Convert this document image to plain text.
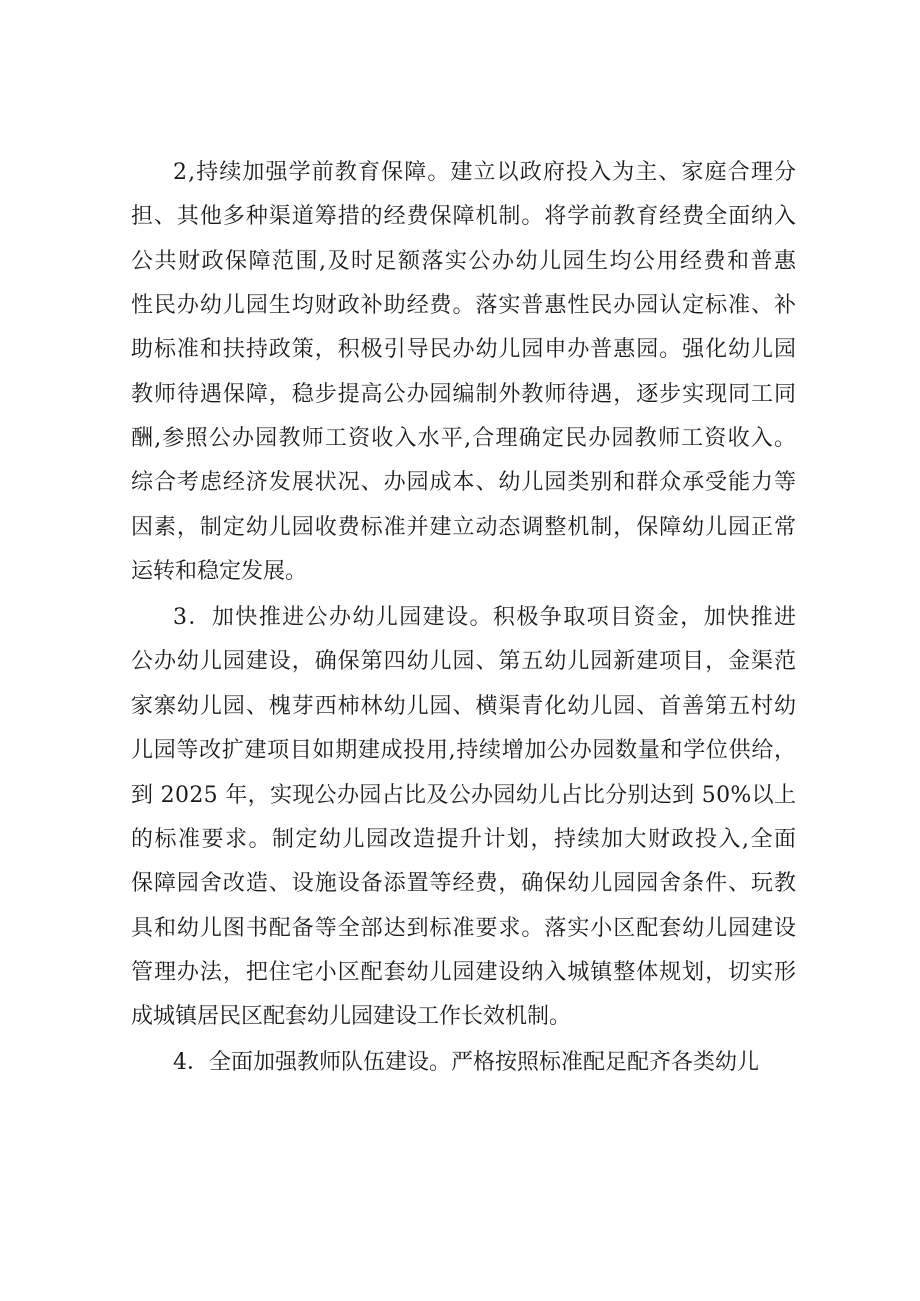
2,持续加强学前教育保障。建立以政府投入为主、家庭合理分
担、其他多种渠道筹措的经费保障机制。将学前教育经费全面纳入
公共财政保障范围,及时足额落实公办幼儿园生均公用经费和普惠
性民办幼儿园生均财政补助经费。落实普惠性民办园认定标准、补
助标准和扶持政策，积极引导民办幼儿园申办普惠园。强化幼儿园
教师待遇保障，稳步提高公办园编制外教师待遇，逐步实现同工同
酬,参照公办园教师工资收入水平,合理确定民办园教师工资收入。
综合考虑经济发展状况、办园成本、幼儿园类别和群众承受能力等
因素，制定幼儿园收费标准并建立动态调整机制，保障幼儿园正常
运转和稳定发展。
3．加快推进公办幼儿园建设。积极争取项目资金，加快推进
公办幼儿园建设，确保第四幼儿园、第五幼儿园新建项目，金渠范
家寨幼儿园、槐芽西柿林幼儿园、横渠青化幼儿园、首善第五村幼
儿园等改扩建项目如期建成投用,持续增加公办园数量和学位供给，
到 2025 年，实现公办园占比及公办园幼儿占比分别达到 50%以上
的标准要求。制定幼儿园改造提升计划，持续加大财政投入,全面
保障园舍改造、设施设备添置等经费，确保幼儿园园舍条件、玩教
具和幼儿图书配备等全部达到标准要求。落实小区配套幼儿园建设
管理办法，把住宅小区配套幼儿园建设纳入城镇整体规划，切实形
成城镇居民区配套幼儿园建设工作长效机制。
4．全面加强教师队伍建设。严格按照标准配足配齐各类幼儿
